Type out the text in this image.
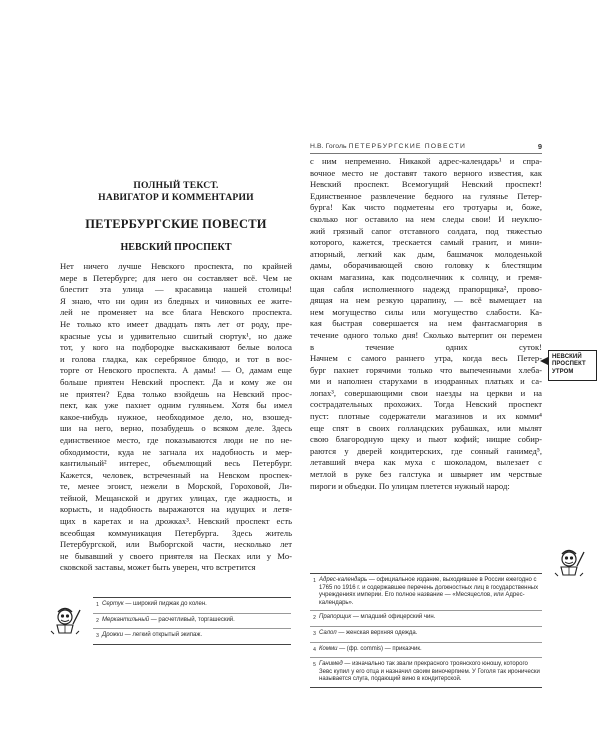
ПОЛНЫЙ ТЕКСТ.
НАВИГАТОР И КОММЕНТАРИИ
ПЕТЕРБУРГСКИЕ ПОВЕСТИ
НЕВСКИЙ ПРОСПЕКТ
Нет ничего лучше Невского проспекта, по крайней
мере в Петербурге; для него он составляет всё. Чем не
блестит эта улица — красавица нашей столицы!
Я знаю, что ни один из бледных и чиновных ее жите-
лей не променяет на все блага Невского проспекта.
Не только кто имеет двадцать пять лет от роду, пре-
красные усы и удивительно сшитый сюртук¹, но даже
тот, у кого на подбородке выскакивают белые волоса
и голова гладка, как серебряное блюдо, и тот в вос-
торге от Невского проспекта. А дамы! — О, дамам еще
больше приятен Невский проспект. Да и кому же он
не приятен? Едва только взойдешь на Невский прос-
пект, как уже пахнет одним гуляньем. Хотя бы имел
какое-нибудь нужное, необходимое дело, но, взошед-
ши на него, верно, позабудешь о всяком деле. Здесь
единственное место, где показываются люди не по не-
обходимости, куда не загнала их надобность и мер-
кантильный² интерес, объемлющий весь Петербург.
Кажется, человек, встреченный на Невском проспек-
те, менее эгоист, нежели в Морской, Гороховой, Ли-
тейной, Мещанской и других улицах, где жадность, и
корысть, и надобность выражаются на идущих и летя-
щих в каретах и на дрожках³. Невский проспект есть
всеобщая коммуникация Петербурга. Здесь житель
Петербургской, или Выборгской части, несколько лет
не бывавший у своего приятеля на Песках или у Мо-
сковской заставы, может быть уверен, что встретится
1 Сертук — широкий пиджак до колен.
2 Меркантильный — расчетливый, торгашеский.
3 Дрожки — легкий открытый экипаж.
Н.В. Гоголь ПЕТЕРБУРГСКИЕ ПОВЕСТИ	9
с ним непременно. Никакой адрес-календарь¹ и спра-
вочное место не доставят такого верного известия, как
Невский проспект. Всемогущий Невский проспект!
Единственное развлечение бедного на гулянье Петер-
бурга! Как чисто подметены его тротуары и, боже,
сколько ног оставило на нем следы свои! И неуклю-
жий грязный сапог отставного солдата, под тяжестью
которого, кажется, трескается самый гранит, и мини-
атюрный, легкий как дым, башмачок молоденькой
дамы, оборачивающей свою головку к блестящим
окнам магазина, как подсолнечник к солнцу, и гремя-
щая сабля исполненного надежд прапорщика², прово-
дящая на нем резкую царапину, — всё вымещает на
нем могущество силы или могущество слабости. Ка-
кая быстрая совершается на нем фантасмагория в
течение одного только дня! Сколько вытерпит он перемен
в течение одних суток!
Начнем с самого раннего утра, когда весь Петер-
бург пахнет горячими только что выпеченными хлеба-
ми и наполнен старухами в изодранных платьях и са-
лопах³, совершающими свои наезды на церкви и на
сострадательных прохожих. Тогда Невский проспект
пуст: плотные содержатели магазинов и их комми⁴
еще спят в своих голландских рубашках, или мылят
свою благородную щеку и пьют кофий; нищие собир-
раются у дверей кондитерских, где сонный ганимед⁵,
летавший вчера как муха с шоколадом, вылезает с
метлой в руке без галстука и швыряет им черствые
пироги и объедки. По улицам плетется нужный народ:
НЕВСКИЙ
ПРОСПЕКТ
УТРОМ
1 Адрес-календарь — официальное издание, выходившее в России ежегодно с 1765 по 1916 г. и содержавшее перечень должностных лиц в государственных учреждениях империи. Его полное название — «Месяцеслов, или Адрес-календарь».
2 Прапорщик — младший офицерский чин.
3 Салоп — женская верхняя одежда.
4 Комми — (фр. commis) — приказчик.
5 Ганимед — изначально так звали прекрасного троянского юношу, которого Зевс купил у его отца и назначил своим виночерпием. У Гоголя так иронически называется слуга, подающий вино в кондитерской.
